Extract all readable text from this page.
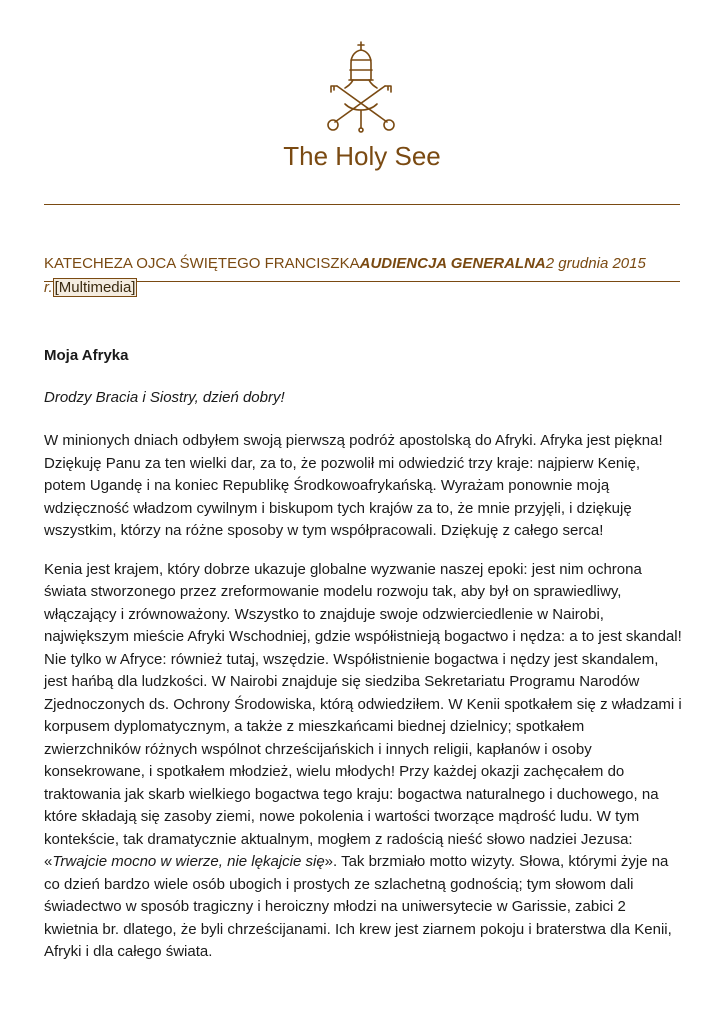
The Holy See
KATECHEZA OJCA ŚWIĘTEGO FRANCISZKAAUDIENCJA GENERALNA2 grudnia 2015
r. [Multimedia]

Moja Afryka

Drodzy Bracia i Siostry, dzień dobry!

W minionych dniach odbyłem swoją pierwszą podróż apostolską do Afryki. Afryka jest piękna! Dziękuję Panu za ten wielki dar, za to, że pozwolił mi odwiedzić trzy kraje: najpierw Kenię, potem Ugandę i na koniec Republikę Środkowoafrykańską. Wyrażam ponownie moją wdzięczność władzom cywilnym i biskupom tych krajów za to, że mnie przyjęli, i dziękuję wszystkim, którzy na różne sposoby w tym współpracowali. Dziękuję z całego serca!

Kenia jest krajem, który dobrze ukazuje globalne wyzwanie naszej epoki: jest nim ochrona świata stworzonego przez zreformowanie modelu rozwoju tak, aby był on sprawiedliwy, włączający i zrównoważony. Wszystko to znajduje swoje odzwierciedlenie w Nairobi, największym mieście Afryki Wschodniej, gdzie współistnieją bogactwo i nędza: a to jest skandal! Nie tylko w Afryce: również tutaj, wszędzie. Współistnienie bogactwa i nędzy jest skandalem, jest hańbą dla ludzkości. W Nairobi znajduje się siedziba Sekretariatu Programu Narodów Zjednoczonych ds. Ochrony Środowiska, którą odwiedziłem. W Kenii spotkałem się z władzami i korpusem dyplomatycznym, a także z mieszkańcami biednej dzielnicy; spotkałem zwierzchników różnych wspólnot chrześcijańskich i innych religii, kapłanów i osoby konsekrowane, i spotkałem młodzież, wielu młodych! Przy każdej okazji zachęcałem do traktowania jak skarb wielkiego bogactwa tego kraju: bogactwa naturalnego i duchowego, na które składają się zasoby ziemi, nowe pokolenia i wartości tworzące mądrość ludu. W tym kontekście, tak dramatycznie aktualnym, mogłem z radością nieść słowo nadziei Jezusa: «Trwajcie mocno w wierze, nie lękajcie się». Tak brzmiało motto wizyty. Słowa, którymi żyje na co dzień bardzo wiele osób ubogich i prostych ze szlachetną godnością; tym słowom dali świadectwo w sposób tragiczny i heroiczny młodzi na uniwersytecie w Garissie, zabici 2 kwietnia br. dlatego, że byli chrześcijanami. Ich krew jest ziarnem pokoju i braterstwa dla Kenii, Afryki i dla całego świata.
